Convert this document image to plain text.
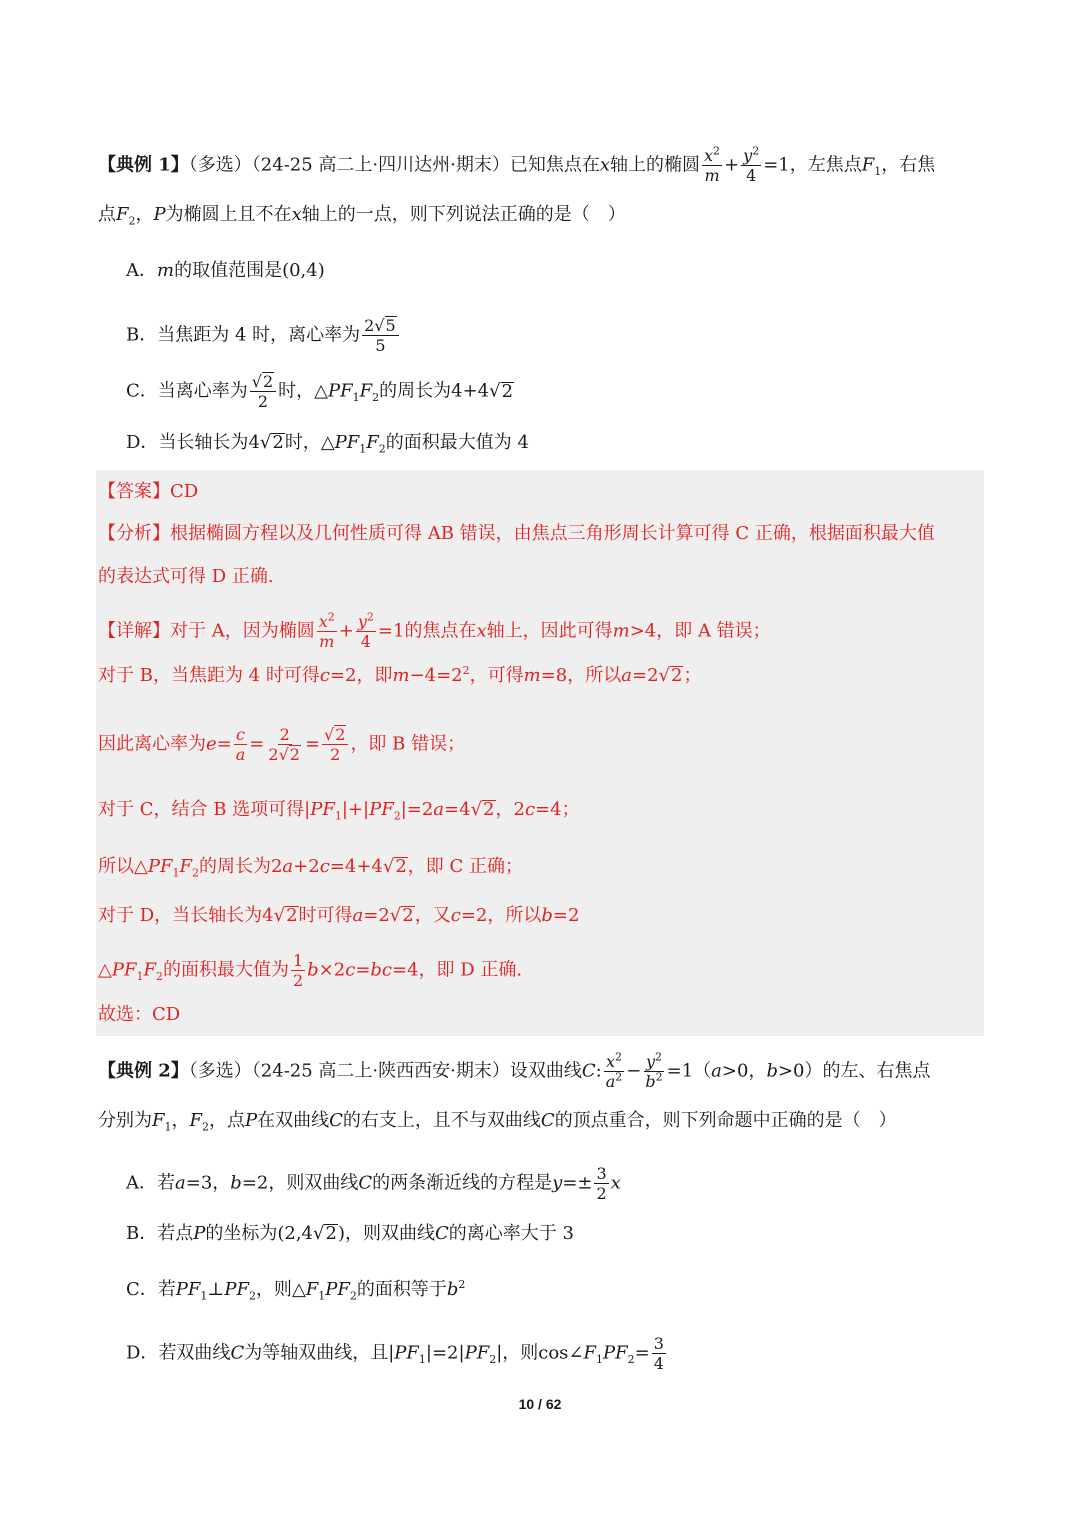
【典例 1】（多选）（24-25 高二上·四川达州·期末）已知焦点在x轴上的椭圆 $\frac{x^2}{m} + \frac{y^2}{4} =1$，左焦点$F_1$，右焦
点$F_2$，P为椭圆上且不在x轴上的一点，则下列说法正确的是（　）
A．m的取值范围是(0,4)
B．当焦距为 4 时，离心率为 $\frac{2√5}{5}$
C．当离心率为 $\frac{√2}{2}$ 时，$\triangle PF_1F_2$的周长为4+4√2
D．当长轴长为4√2时，$\triangle PF_1F_2$的面积最大值为 4
【答案】CD
【分析】根据椭圆方程以及几何性质可得 AB 错误，由焦点三角形周长计算可得 C 正确，根据面积最大值
的表达式可得 D 正确.
【详解】对于 A，因为椭圆 $\frac{x^2}{m} + \frac{y^2}{4} =1$的焦点在x轴上，因此可得m>4，即 A 错误；
对于 B，当焦距为 4 时可得c=2，即$m-4=2^2$，可得m=8，所以a=2√2；
因此离心率为$e= \frac{c}{a} = \frac{2}{2√2} = \frac{√2}{2}$ ，即 B 错误；
对于 C，结合 B 选项可得$|PF_1|+|PF_2|=2a=4√2$，2c=4；
所以$\triangle PF_1F_2$的周长为2a+2c=4+4√2，即 C 正确；
对于 D，当长轴长为4√2时可得a=2√2，又c=2，所以b=2
$\triangle PF_1F_2$的面积最大值为 $\frac{1}{2} b\times 2c=bc=4$，即 D 正确.
故选：CD
【典例 2】（多选）（24-25 高二上·陕西西安·期末）设双曲线C: $\frac{x^2}{a^2} - \frac{y^2}{b^2} =1(a>0$，b>0）的左、右焦点
分别为$F_1$，$F_2$，点P在双曲线C的右支上，且不与双曲线C的顶点重合，则下列命题中正确的是（　）
A．若a=3，b=2，则双曲线C的两条渐近线的方程是$y=\pm \frac{3}{2}$ x
B．若点P的坐标为(2,4√2)，则双曲线C的离心率大于 3
C．若$PF_1\perp PF_2$，则$\triangle F_1PF_2$的面积等于$b^2$
D．若双曲线C为等轴双曲线，且$|PF_1|=2|PF_2|$，则$\cos\angle F_1PF_2= \frac{3}{4}$
10 / 62
